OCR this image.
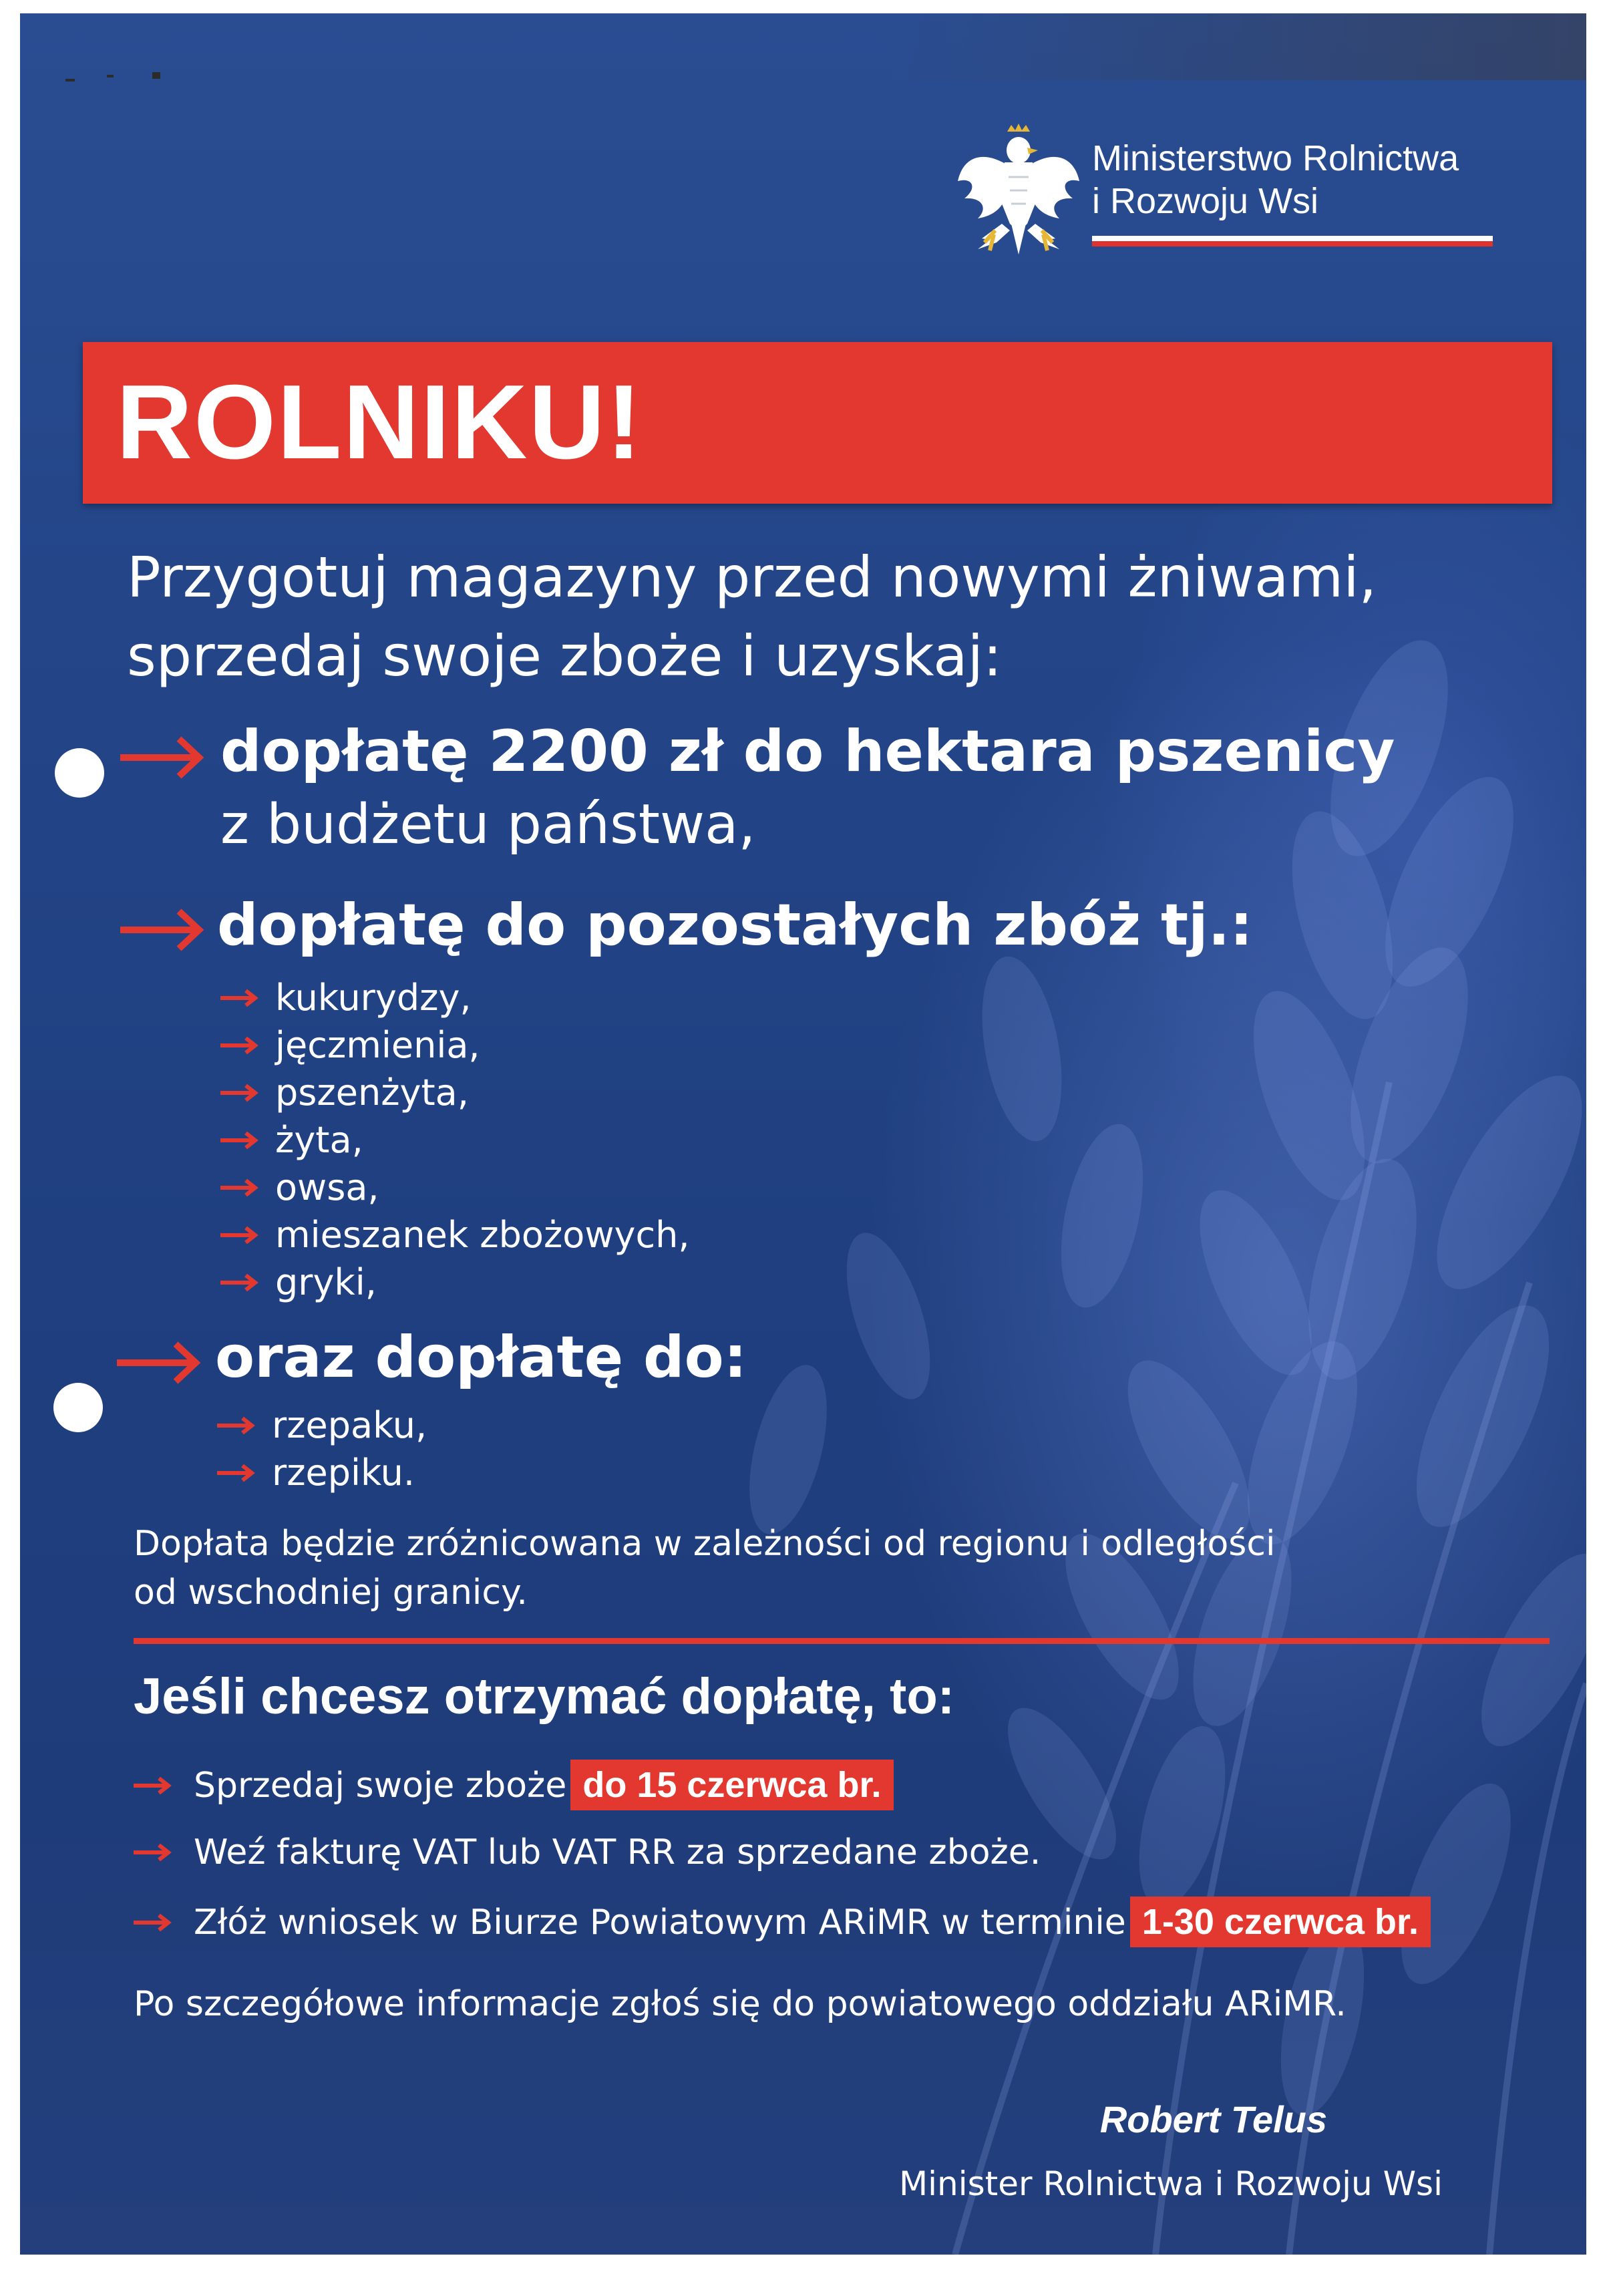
Ministerstwo Rolnictwa
i Rozwoju Wsi
ROLNIKU!
Przygotuj magazyny przed nowymi żniwami,
sprzedaj swoje zboże i uzyskaj:
dopłatę 2200 zł do hektara pszenicy
z budżetu państwa,
dopłatę do pozostałych zbóż tj.:
kukurydzy,
jęczmienia,
pszenżyta,
żyta,
owsa,
mieszanek zbożowych,
gryki,
oraz dopłatę do:
rzepaku,
rzepiku.
Dopłata będzie zróżnicowana w zależności od regionu i odległości
od wschodniej granicy.
Jeśli chcesz otrzymać dopłatę, to:
Sprzedaj swoje zboże do 15 czerwca br.
Weź fakturę VAT lub VAT RR za sprzedane zboże.
Złóż wniosek w Biurze Powiatowym ARiMR w terminie 1-30 czerwca br.
Po szczegółowe informacje zgłoś się do powiatowego oddziału ARiMR.
Robert Telus
Minister Rolnictwa i Rozwoju Wsi
